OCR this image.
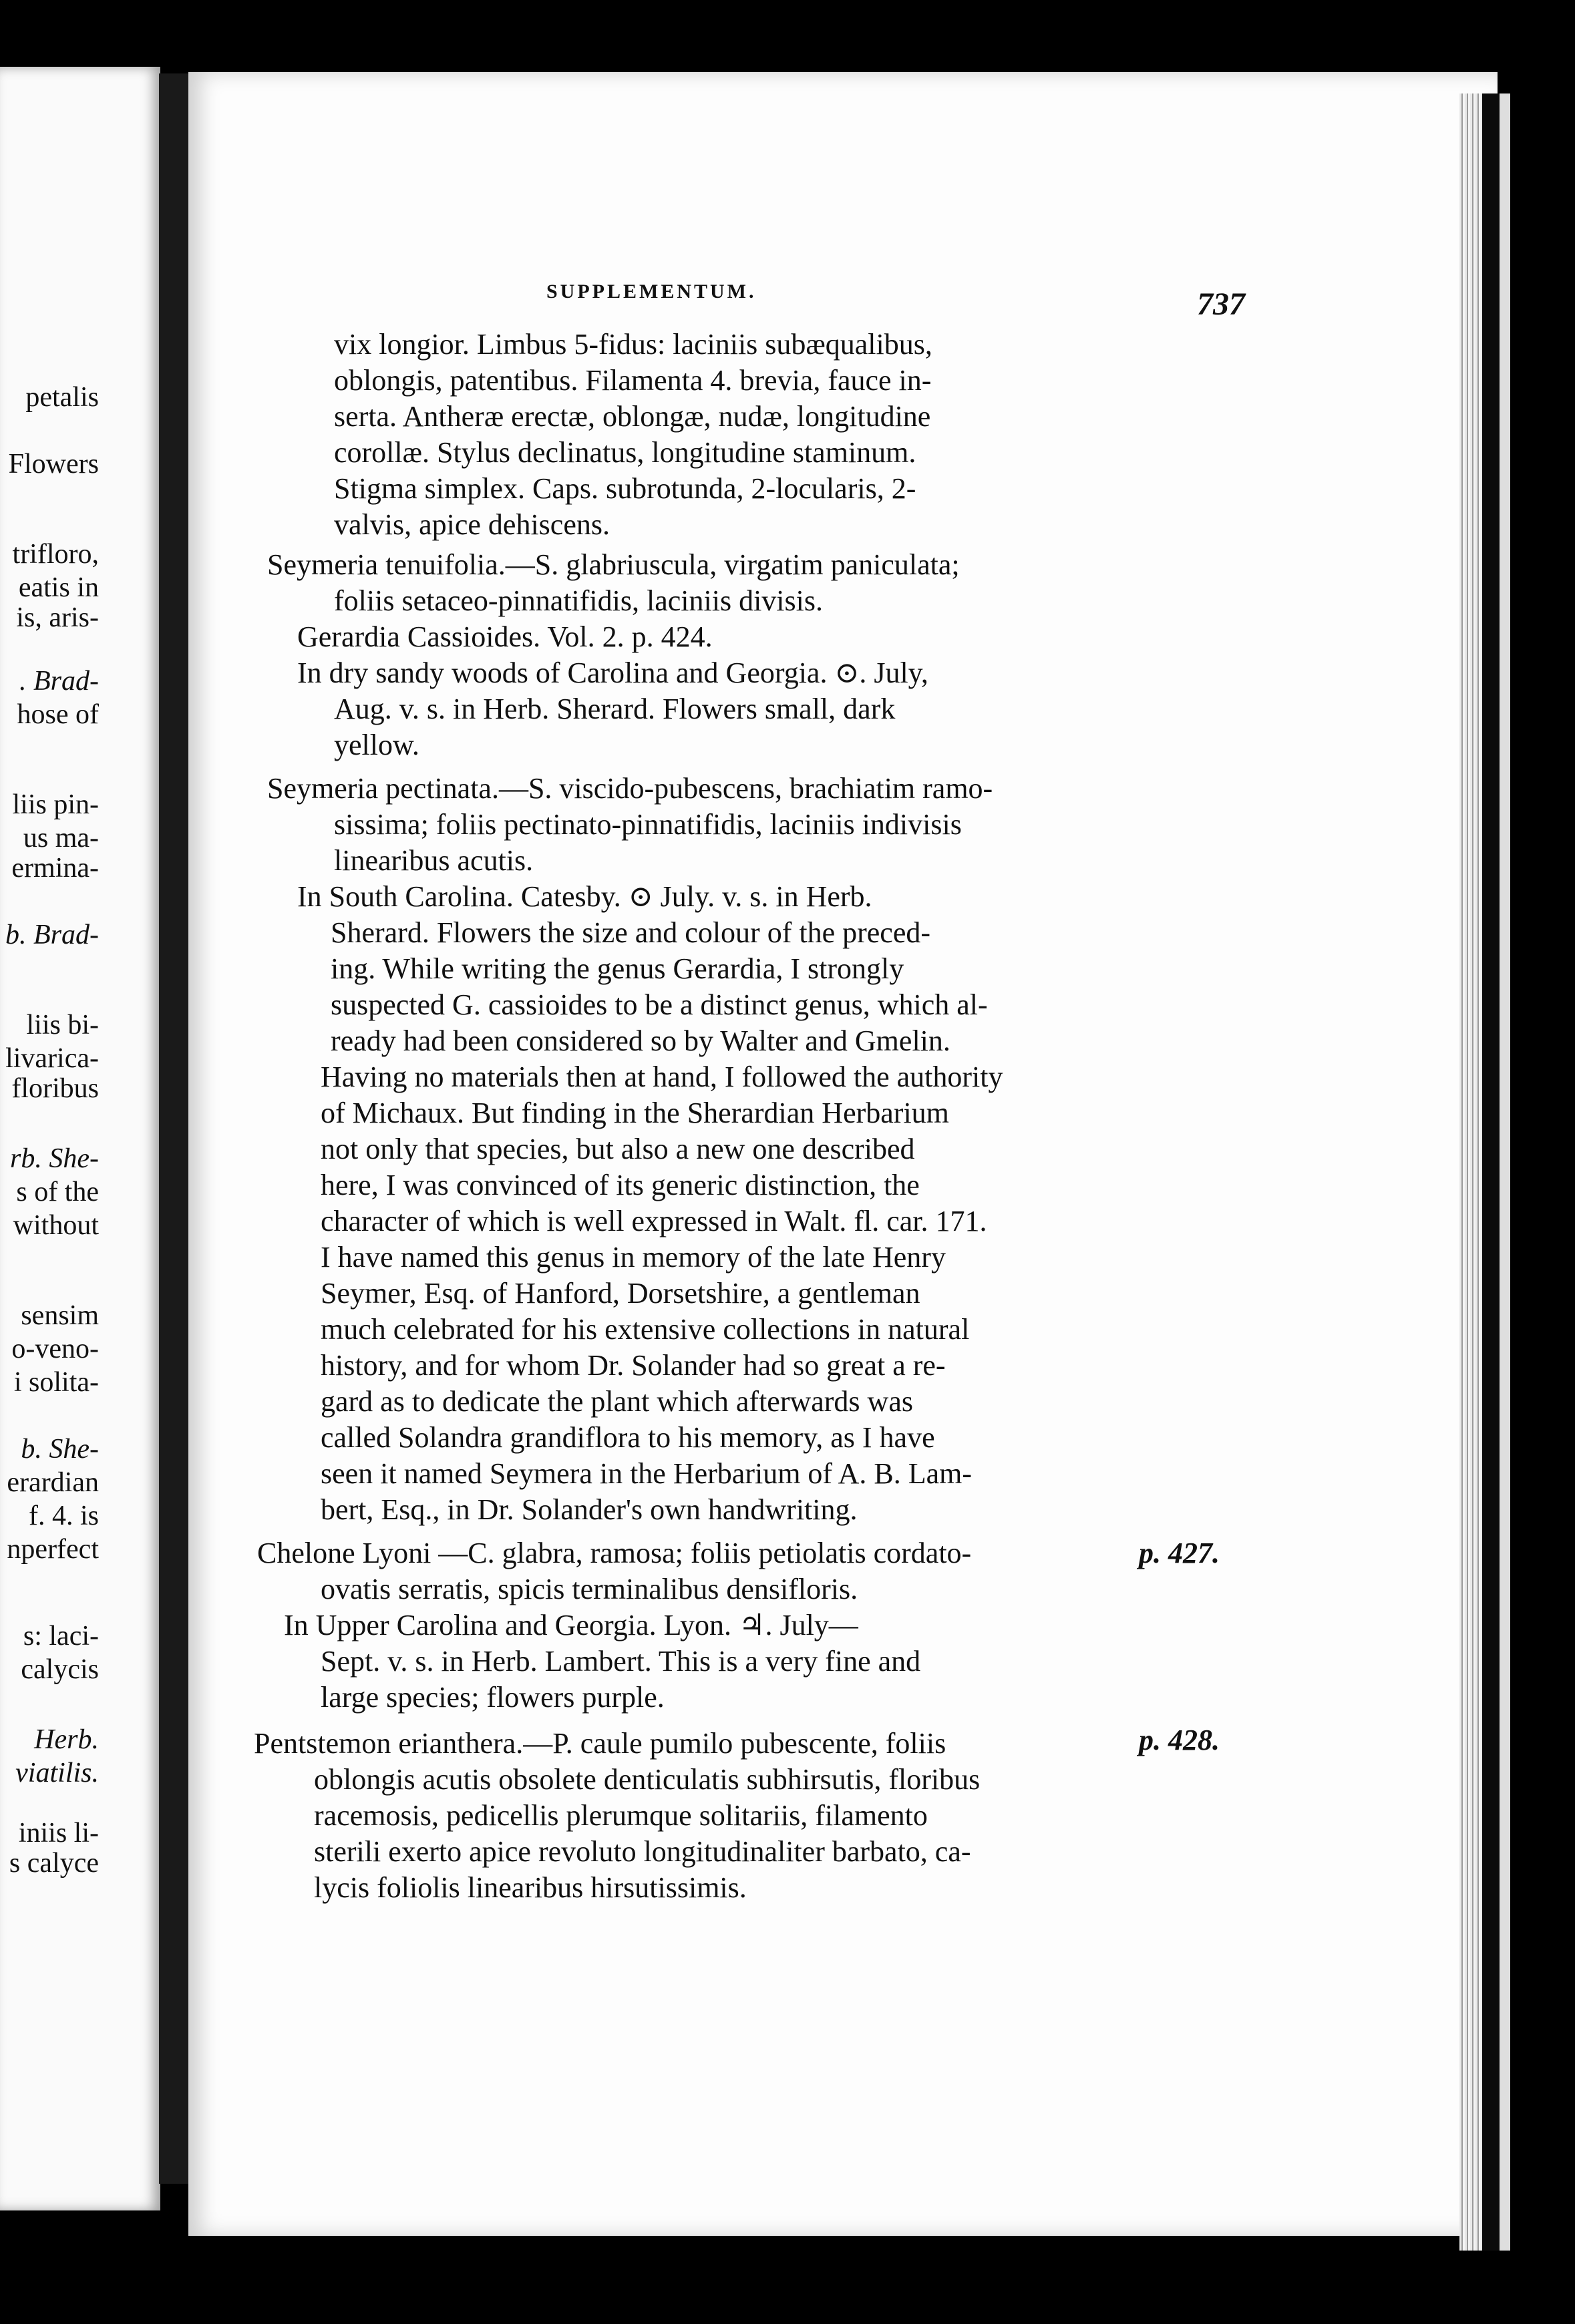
petalis
Flowers
trifloro,
eatis in
is, aris-
. Brad-
hose of
liis pin-
us ma-
ermina-
b. Brad-
liis bi-
livarica-
floribus
rb. She-
s of the
without
sensim
o-veno-
i solita-
b. She-
erardian
f. 4. is
nperfect
s: laci-
calycis
Herb.
viatilis.
iniis li-
s calyce
SUPPLEMENTUM.	737
vix longior. Limbus 5-fidus: laciniis subæqualibus,
oblongis, patentibus. Filamenta 4. brevia, fauce in-
serta. Antheræ erectæ, oblongæ, nudæ, longitudine
corollæ. Stylus declinatus, longitudine staminum.
Stigma simplex. Caps. subrotunda, 2-locularis, 2-
valvis, apice dehiscens.
Seymeria tenuifolia.—S. glabriuscula, virgatim paniculata;
foliis setaceo-pinnatifidis, laciniis divisis.
Gerardia Cassioides. Vol. 2. p. 424.
In dry sandy woods of Carolina and Georgia. ⊙. July,
Aug. v. s. in Herb. Sherard. Flowers small, dark
yellow.
Seymeria pectinata.—S. viscido-pubescens, brachiatim ramo-
sissima; foliis pectinato-pinnatifidis, laciniis indivisis
linearibus acutis.
In South Carolina. Catesby. ⊙ July. v. s. in Herb.
Sherard. Flowers the size and colour of the preced-
ing. While writing the genus Gerardia, I strongly
suspected G. cassioides to be a distinct genus, which al-
ready had been considered so by Walter and Gmelin.
Having no materials then at hand, I followed the authority
of Michaux. But finding in the Sherardian Herbarium
not only that species, but also a new one described
here, I was convinced of its generic distinction, the
character of which is well expressed in Walt. fl. car. 171.
I have named this genus in memory of the late Henry
Seymer, Esq. of Hanford, Dorsetshire, a gentleman
much celebrated for his extensive collections in natural
history, and for whom Dr. Solander had so great a re-
gard as to dedicate the plant which afterwards was
called Solandra grandiflora to his memory, as I have
seen it named Seymera in the Herbarium of A. B. Lam-
bert, Esq., in Dr. Solander's own handwriting.
Chelone Lyoni —C. glabra, ramosa; foliis petiolatis cordato-
ovatis serratis, spicis terminalibus densifloris.
In Upper Carolina and Georgia. Lyon. ♃. July—
Sept. v. s. in Herb. Lambert. This is a very fine and
large species; flowers purple.
Pentstemon erianthera.—P. caule pumilo pubescente, foliis
oblongis acutis obsolete denticulatis subhirsutis, floribus
racemosis, pedicellis plerumque solitariis, filamento
sterili exerto apice revoluto longitudinaliter barbato, ca-
lycis foliolis linearibus hirsutissimis.
p. 427.
p. 428.
